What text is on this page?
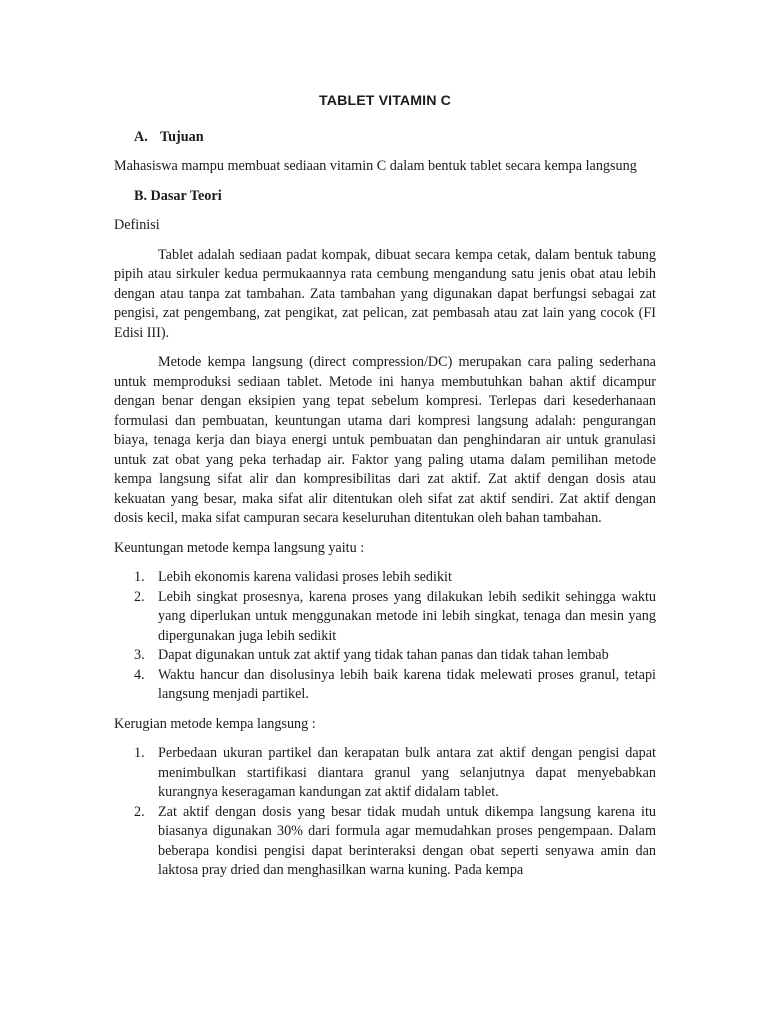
TABLET VITAMIN C
A. Tujuan

Mahasiswa mampu membuat sediaan vitamin C dalam bentuk tablet secara kempa langsung

B. Dasar Teori

Definisi

Tablet adalah sediaan padat kompak, dibuat secara kempa cetak, dalam bentuk tabung pipih atau sirkuler kedua permukaannya rata cembung mengandung satu jenis obat atau lebih dengan atau tanpa zat tambahan. Zata tambahan yang digunakan dapat berfungsi sebagai zat pengisi, zat pengembang, zat pengikat, zat pelican, zat pembasah atau zat lain yang cocok (FI Edisi III).

Metode kempa langsung (direct compression/DC) merupakan cara paling sederhana untuk memproduksi sediaan tablet. Metode ini hanya membutuhkan bahan aktif dicampur dengan benar dengan eksipien yang tepat sebelum kompresi. Terlepas dari kesederhanaan formulasi dan pembuatan, keuntungan utama dari kompresi langsung adalah: pengurangan biaya, tenaga kerja dan biaya energi untuk pembuatan dan penghindaran air untuk granulasi untuk zat obat yang peka terhadap air. Faktor yang paling utama dalam pemilihan metode kempa langsung sifat alir dan kompresibilitas dari zat aktif. Zat aktif dengan dosis atau kekuatan yang besar, maka sifat alir ditentukan oleh sifat zat aktif sendiri. Zat aktif dengan dosis kecil, maka sifat campuran secara keseluruhan ditentukan oleh bahan tambahan.

Keuntungan metode kempa langsung yaitu :

1. Lebih ekonomis karena validasi proses lebih sedikit
2. Lebih singkat prosesnya, karena proses yang dilakukan lebih sedikit sehingga waktu yang diperlukan untuk menggunakan metode ini lebih singkat, tenaga dan mesin yang dipergunakan juga lebih sedikit
3. Dapat digunakan untuk zat aktif yang tidak tahan panas dan tidak tahan lembab
4. Waktu hancur dan disolusinya lebih baik karena tidak melewati proses granul, tetapi langsung menjadi partikel.

Kerugian metode kempa langsung :

1. Perbedaan ukuran partikel dan kerapatan bulk antara zat aktif dengan pengisi dapat menimbulkan startifikasi diantara granul yang selanjutnya dapat menyebabkan kurangnya keseragaman kandungan zat aktif didalam tablet.
2. Zat aktif dengan dosis yang besar tidak mudah untuk dikempa langsung karena itu biasanya digunakan 30% dari formula agar memudahkan proses pengempaan. Dalam beberapa kondisi pengisi dapat berinteraksi dengan obat seperti senyawa amin dan laktosa pray dried dan menghasilkan warna kuning. Pada kempa
